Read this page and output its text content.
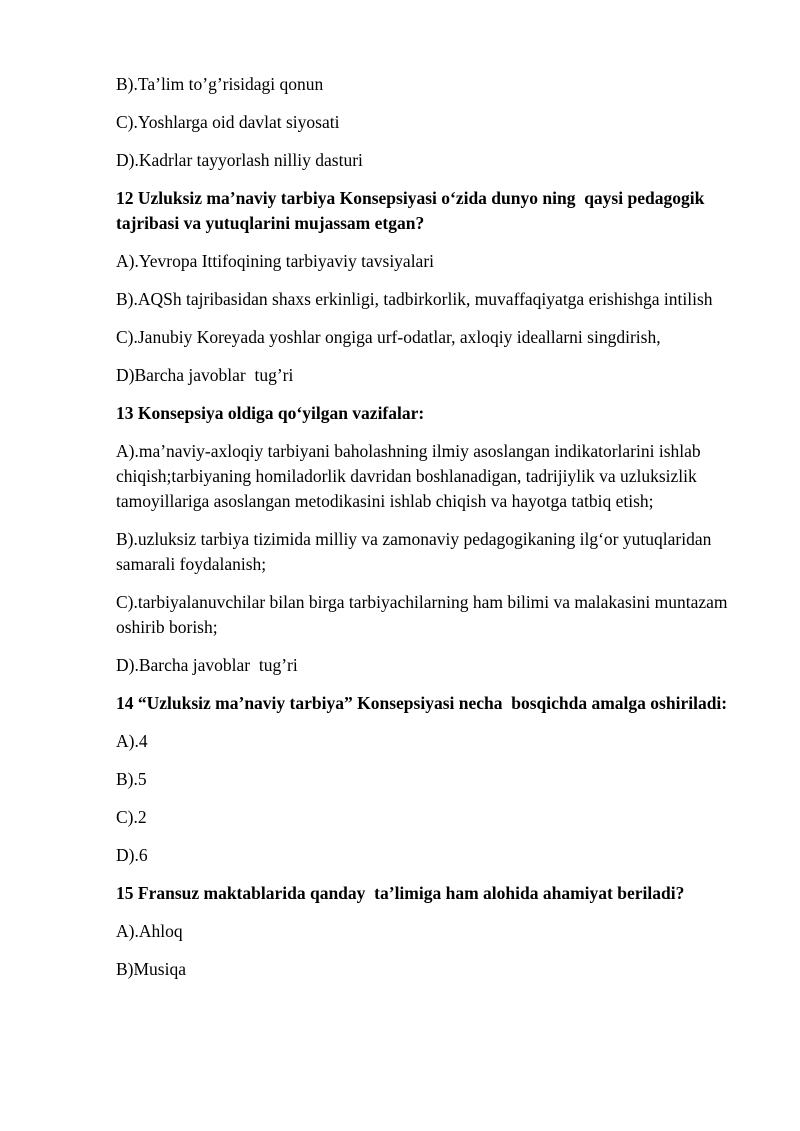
B).Ta’lim to’g’risidagi qonun

C).Yoshlarga oid davlat siyosati

D).Kadrlar tayyorlash nilliy dasturi

12 Uzluksiz ma’naviy tarbiya Konsepsiyasi o‘zida dunyo ning  qaysi pedagogik tajribasi va yutuqlarini mujassam etgan?

A).Yevropa Ittifoqining tarbiyaviy tavsiyalari

B).AQSh tajribasidan shaxs erkinligi, tadbirkorlik, muvaffaqiyatga erishishga intilish

C).Janubiy Koreyada yoshlar ongiga urf-odatlar, axloqiy ideallarni singdirish,

D)Barcha javoblar  tug’ri

13 Konsepsiya oldiga qo‘yilgan vazifalar:

A).ma’naviy-axloqiy tarbiyani baholashning ilmiy asoslangan indikatorlarini ishlab chiqish;tarbiyaning homiladorlik davridan boshlanadigan, tadrijiylik va uzluksizlik tamoyillariga asoslangan metodikasini ishlab chiqish va hayotga tatbiq etish;

B).uzluksiz tarbiya tizimida milliy va zamonaviy pedagogikaning ilg‘or yutuqlaridan samarali foydalanish;

C).tarbiyalanuvchilar bilan birga tarbiyachilarning ham bilimi va malakasini muntazam oshirib borish;

D).Barcha javoblar  tug’ri

14 “Uzluksiz ma’naviy tarbiya” Konsepsiyasi necha  bosqichda amalga oshiriladi:

A).4

B).5

C).2

D).6

15 Fransuz maktablarida qanday  ta’limiga ham alohida ahamiyat beriladi?

A).Ahloq

B)Musiqa
